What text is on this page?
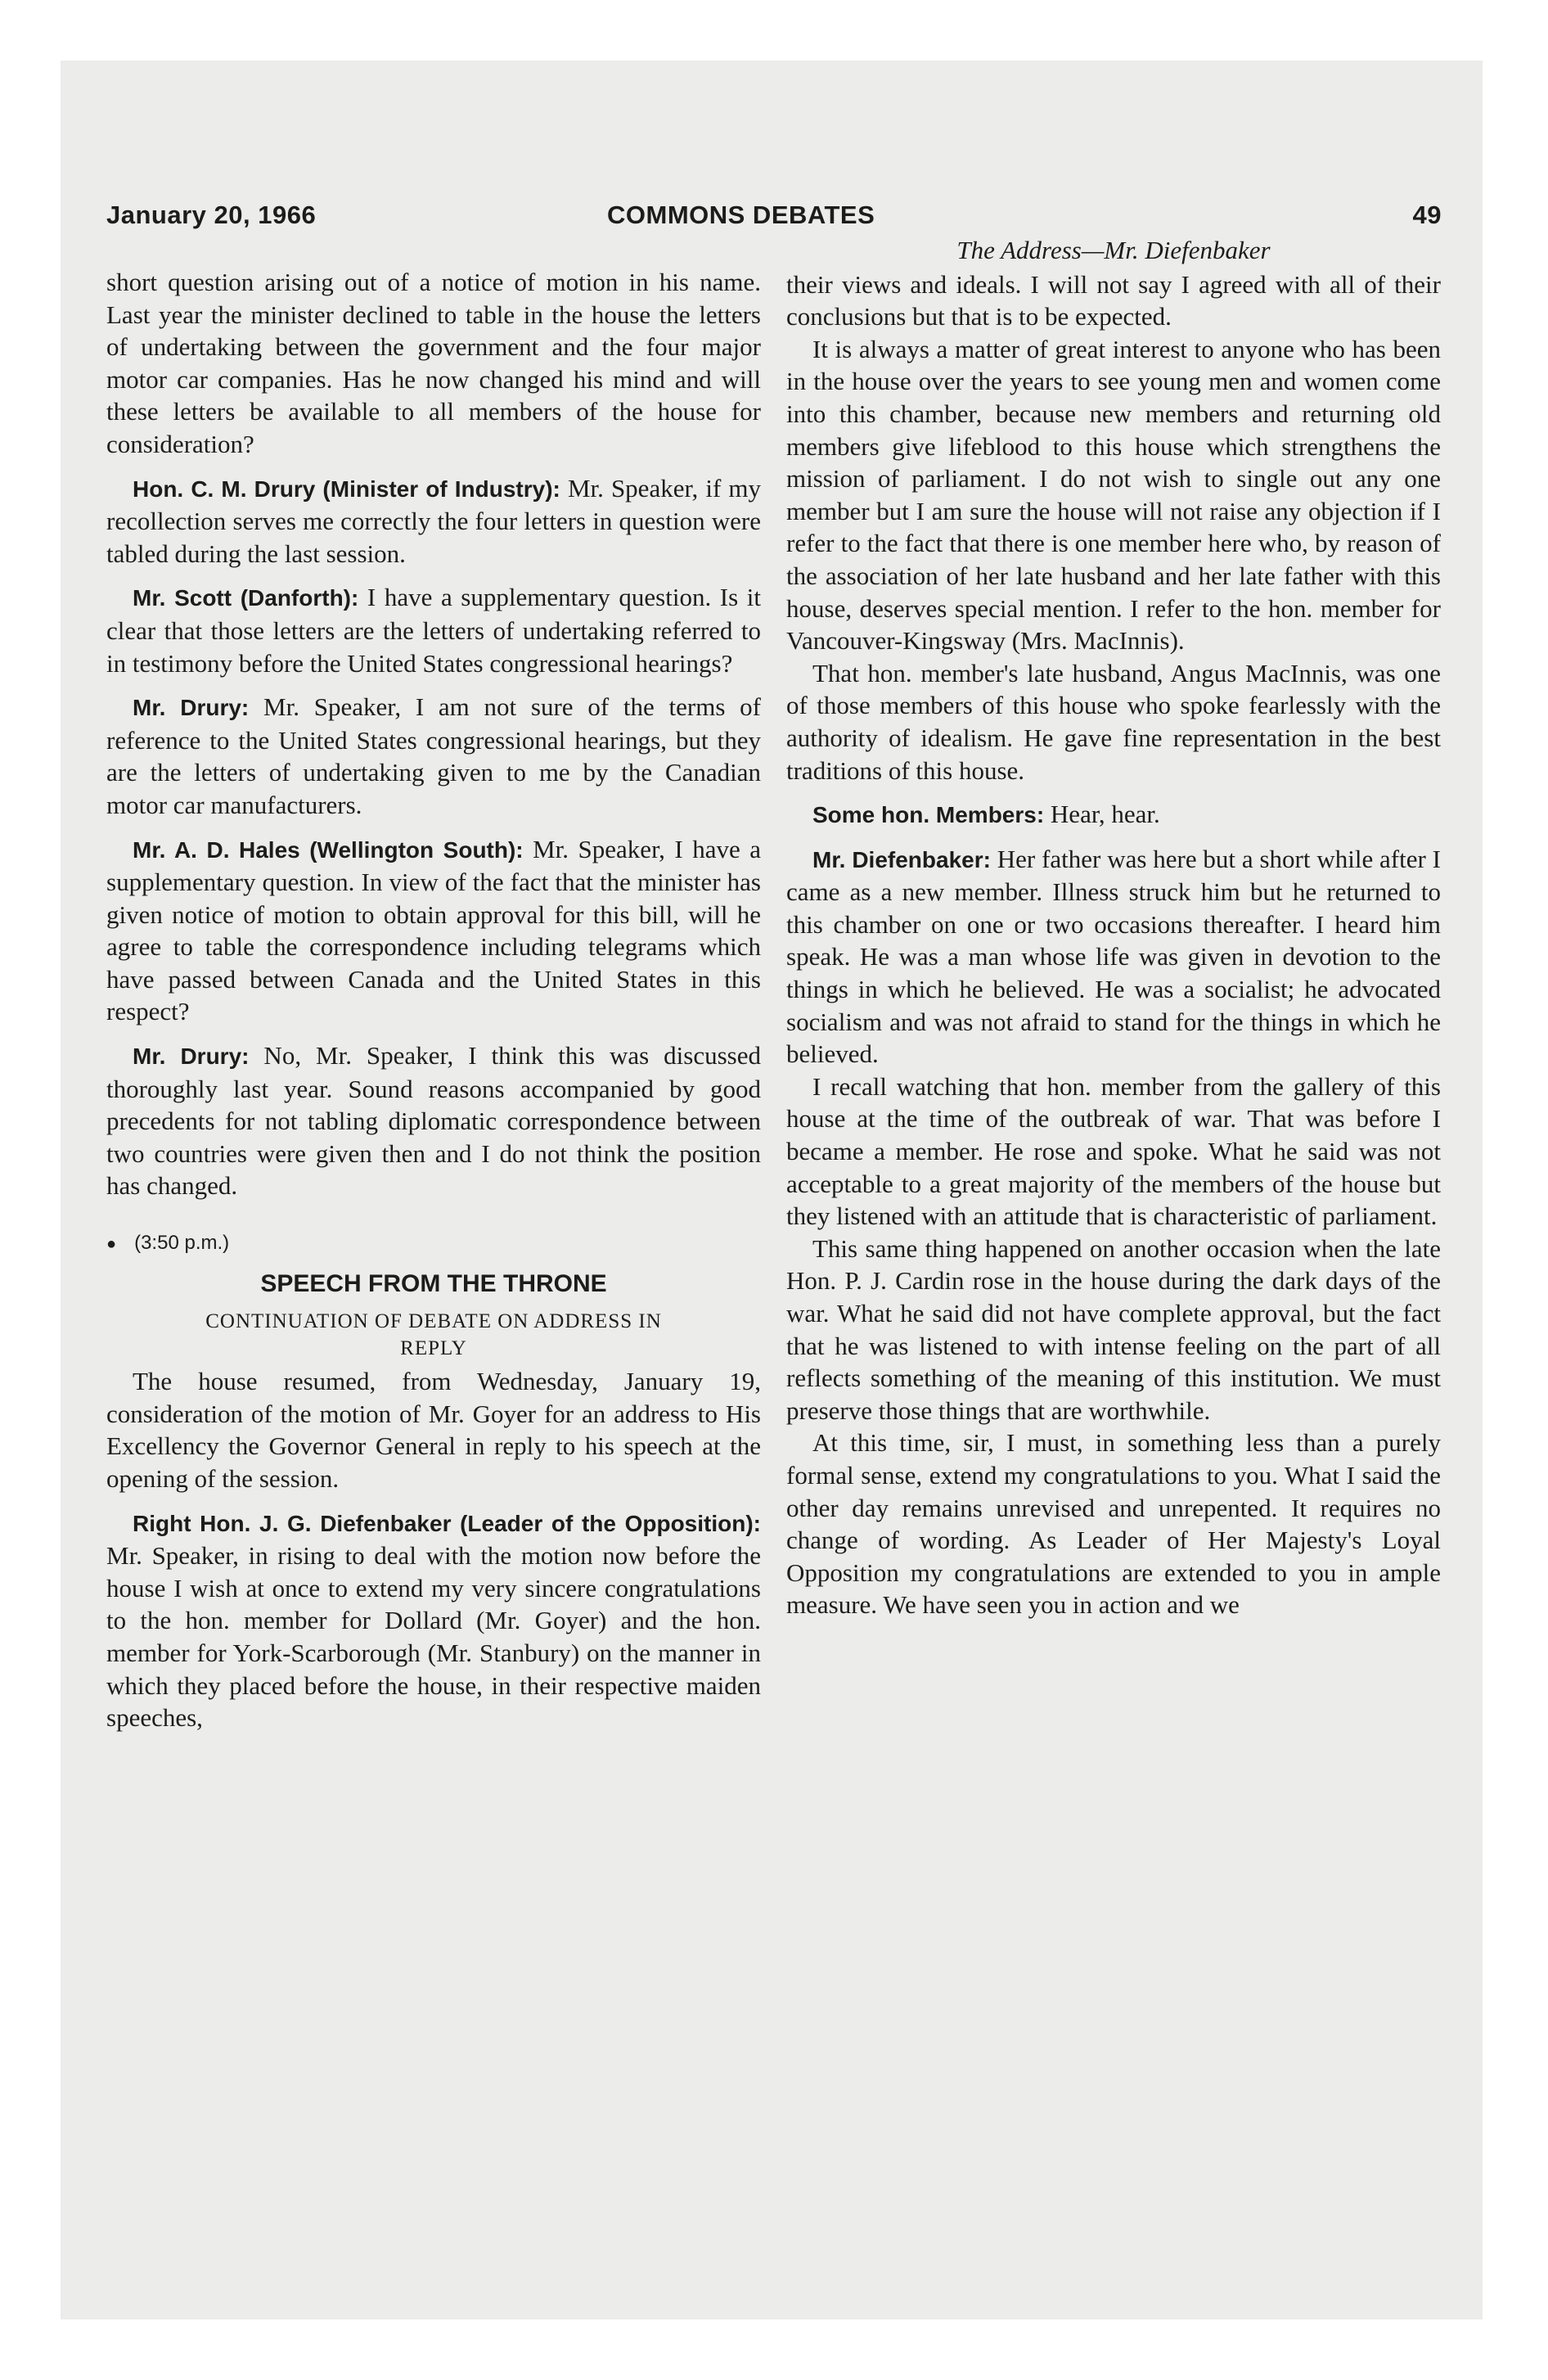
January 20, 1966	COMMONS DEBATES	49

short question arising out of a notice of motion in his name. Last year the minister declined to table in the house the letters of undertaking between the government and the four major motor car companies. Has he now changed his mind and will these letters be available to all members of the house for consideration?

Hon. C. M. Drury (Minister of Industry): Mr. Speaker, if my recollection serves me correctly the four letters in question were tabled during the last session.

Mr. Scott (Danforth): I have a supplementary question. Is it clear that those letters are the letters of undertaking referred to in testimony before the United States congressional hearings?

Mr. Drury: Mr. Speaker, I am not sure of the terms of reference to the United States congressional hearings, but they are the letters of undertaking given to me by the Canadian motor car manufacturers.

Mr. A. D. Hales (Wellington South): Mr. Speaker, I have a supplementary question. In view of the fact that the minister has given notice of motion to obtain approval for this bill, will he agree to table the correspondence including telegrams which have passed between Canada and the United States in this respect?

Mr. Drury: No, Mr. Speaker, I think this was discussed thoroughly last year. Sound reasons accompanied by good precedents for not tabling diplomatic correspondence between two countries were given then and I do not think the position has changed.

● (3:50 p.m.)
SPEECH FROM THE THRONE
CONTINUATION OF DEBATE ON ADDRESS IN REPLY

The house resumed, from Wednesday, January 19, consideration of the motion of Mr. Goyer for an address to His Excellency the Governor General in reply to his speech at the opening of the session.

Right Hon. J. G. Diefenbaker (Leader of the Opposition): Mr. Speaker, in rising to deal with the motion now before the house I wish at once to extend my very sincere congratulations to the hon. member for Dollard (Mr. Goyer) and the hon. member for York-Scarborough (Mr. Stanbury) on the manner in which they placed before the house, in their respective maiden speeches,

The Address—Mr. Diefenbaker

their views and ideals. I will not say I agreed with all of their conclusions but that is to be expected.

It is always a matter of great interest to anyone who has been in the house over the years to see young men and women come into this chamber, because new members and returning old members give lifeblood to this house which strengthens the mission of parliament. I do not wish to single out any one member but I am sure the house will not raise any objection if I refer to the fact that there is one member here who, by reason of the association of her late husband and her late father with this house, deserves special mention. I refer to the hon. member for Vancouver-Kingsway (Mrs. MacInnis).

That hon. member's late husband, Angus MacInnis, was one of those members of this house who spoke fearlessly with the authority of idealism. He gave fine representation in the best traditions of this house.

Some hon. Members: Hear, hear.

Mr. Diefenbaker: Her father was here but a short while after I came as a new member. Illness struck him but he returned to this chamber on one or two occasions thereafter. I heard him speak. He was a man whose life was given in devotion to the things in which he believed. He was a socialist; he advocated socialism and was not afraid to stand for the things in which he believed.

I recall watching that hon. member from the gallery of this house at the time of the outbreak of war. That was before I became a member. He rose and spoke. What he said was not acceptable to a great majority of the members of the house but they listened with an attitude that is characteristic of parliament.

This same thing happened on another occasion when the late Hon. P. J. Cardin rose in the house during the dark days of the war. What he said did not have complete approval, but the fact that he was listened to with intense feeling on the part of all reflects something of the meaning of this institution. We must preserve those things that are worthwhile.

At this time, sir, I must, in something less than a purely formal sense, extend my congratulations to you. What I said the other day remains unrevised and unrepented. It requires no change of wording. As Leader of Her Majesty's Loyal Opposition my congratulations are extended to you in ample measure. We have seen you in action and we
